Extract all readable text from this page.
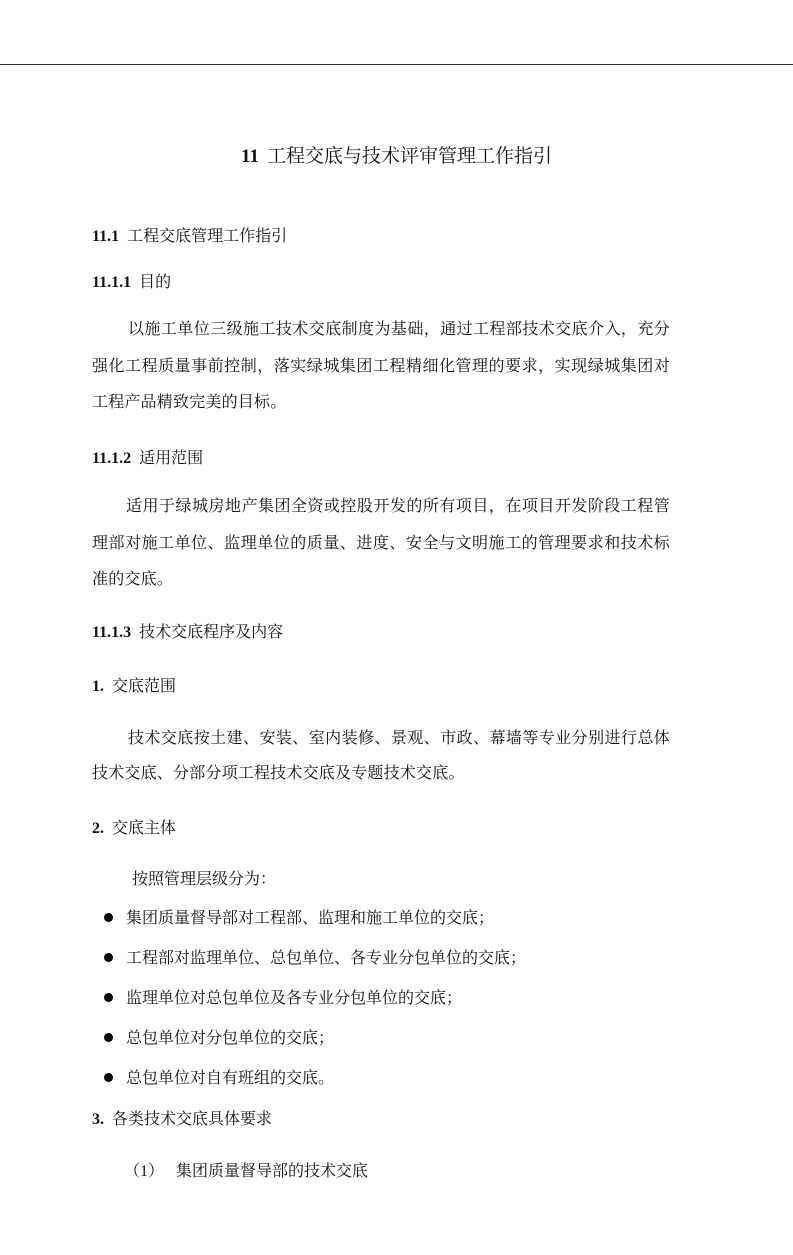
11 工程交底与技术评审管理工作指引
11.1 工程交底管理工作指引
11.1.1 目的
以施工单位三级施工技术交底制度为基础，通过工程部技术交底介入，充分强化工程质量事前控制，落实绿城集团工程精细化管理的要求，实现绿城集团对工程产品精致完美的目标。
11.1.2 适用范围
适用于绿城房地产集团全资或控股开发的所有项目，在项目开发阶段工程管理部对施工单位、监理单位的质量、进度、安全与文明施工的管理要求和技术标准的交底。
11.1.3 技术交底程序及内容
1. 交底范围
技术交底按土建、安装、室内装修、景观、市政、幕墙等专业分别进行总体技术交底、分部分项工程技术交底及专题技术交底。
2. 交底主体
按照管理层级分为：
集团质量督导部对工程部、监理和施工单位的交底；
工程部对监理单位、总包单位、各专业分包单位的交底；
监理单位对总包单位及各专业分包单位的交底；
总包单位对分包单位的交底；
总包单位对自有班组的交底。
3. 各类技术交底具体要求
（1） 集团质量督导部的技术交底
